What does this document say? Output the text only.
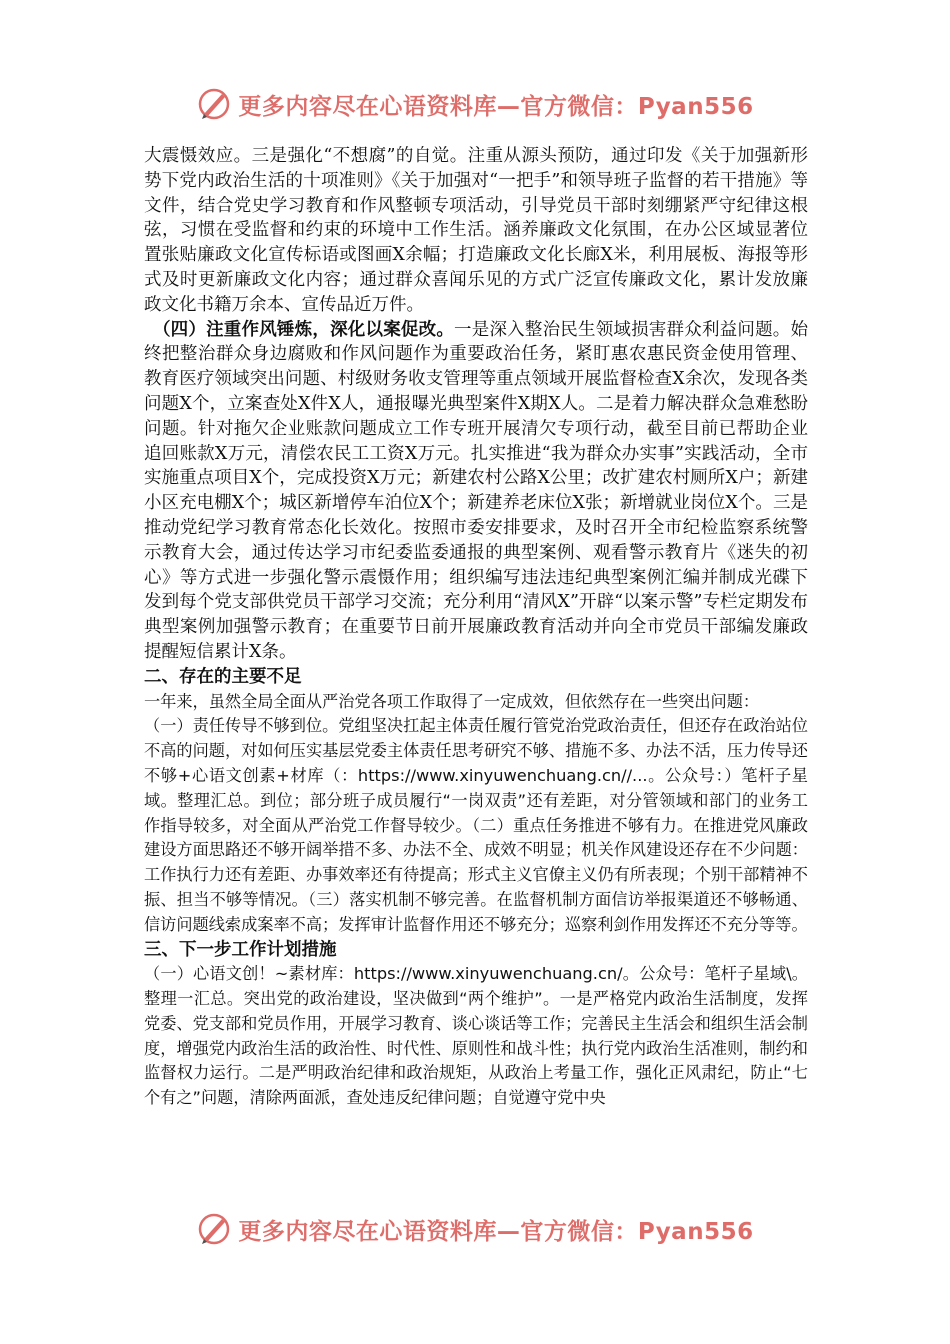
更多内容尽在心语资料库—官方微信：Pyan556

大震慑效应。三是强化“不想腐”的自觉。注重从源头预防，通过印发《关于加强新形势下党内政治生活的十项准则》《关于加强对“一把手”和领导班子监督的若干措施》等文件，结合党史学习教育和作风整顿专项活动，引导党员干部时刻绷紧严守纪律这根弦，习惯在受监督和约束的环境中工作生活。涵养廉政文化氛围，在办公区域显著位置张贴廉政文化宣传标语或图画X余幅；打造廉政文化长廊X米，利用展板、海报等形式及时更新廉政文化内容；通过群众喜闻乐见的方式广泛宣传廉政文化，累计发放廉政文化书籍万余本、宣传品近万件。

　（四）注重作风锤炼，深化以案促改。一是深入整治民生领域损害群众利益问题。始终把整治群众身边腐败和作风问题作为重要政治任务，紧盯惠农惠民资金使用管理、教育医疗领域突出问题、村级财务收支管理等重点领域开展监督检查X余次，发现各类问题X个，立案查处X件X人，通报曝光典型案件X期X人。二是着力解决群众急难愁盼问题。针对拖欠企业账款问题成立工作专班开展清欠专项行动，截至目前已帮助企业追回账款X万元，清偿农民工工资X万元。扎实推进“我为群众办实事”实践活动，全市实施重点项目X个，完成投资X万元；新建农村公路X公里；改扩建农村厕所X户；新建小区充电棚X个；城区新增停车泊位X个；新建养老床位X张；新增就业岗位X个。三是推动党纪学习教育常态化长效化。按照市委安排要求，及时召开全市纪检监察系统警示教育大会，通过传达学习市纪委监委通报的典型案例、观看警示教育片《迷失的初心》等方式进一步强化警示震慑作用；组织编写违法违纪典型案例汇编并制成光碟下发到每个党支部供党员干部学习交流；充分利用“清风X”开辟“以案示警”专栏定期发布典型案例加强警示教育；在重要节日前开展廉政教育活动并向全市党员干部编发廉政提醒短信累计X条。

二、存在的主要不足

一年来，虽然全局全面从严治党各项工作取得了一定成效，但依然存在一些突出问题：

（一）责任传导不够到位。党组坚决扛起主体责任履行管党治党政治责任，但还存在政治站位不高的问题，对如何压实基层党委主体责任思考研究不够、措施不多、办法不活，压力传导还不够+心语文创素+材库（：https://www.xinyuwenchuang.cn//...。公众号：）笔杆子星域。整理汇总。到位；部分班子成员履行“一岗双责”还有差距，对分管领域和部门的业务工作指导较多，对全面从严治党工作督导较少。（二）重点任务推进不够有力。在推进党风廉政建设方面思路还不够开阔举措不多、办法不全、成效不明显；机关作风建设还存在不少问题：工作执行力还有差距、办事效率还有待提高；形式主义官僚主义仍有所表现；个别干部精神不振、担当不够等情况。（三）落实机制不够完善。在监督机制方面信访举报渠道还不够畅通、信访问题线索成案率不高；发挥审计监督作用还不够充分；巡察利剑作用发挥还不充分等等。

三、下一步工作计划措施

（一）心语文创！~素材库：https://www.xinyuwenchuang.cn/。公众号：笔杆子星域\。整理一汇总。突出党的政治建设，坚决做到“两个维护”。一是严格党内政治生活制度，发挥党委、党支部和党员作用，开展学习教育、谈心谈话等工作；完善民主生活会和组织生活会制度，增强党内政治生活的政治性、时代性、原则性和战斗性；执行党内政治生活准则，制约和监督权力运行。二是严明政治纪律和政治规矩，从政治上考量工作，强化正风肃纪，防止“七个有之”问题，清除两面派，查处违反纪律问题；自觉遵守党中央

更多内容尽在心语资料库—官方微信：Pyan556
